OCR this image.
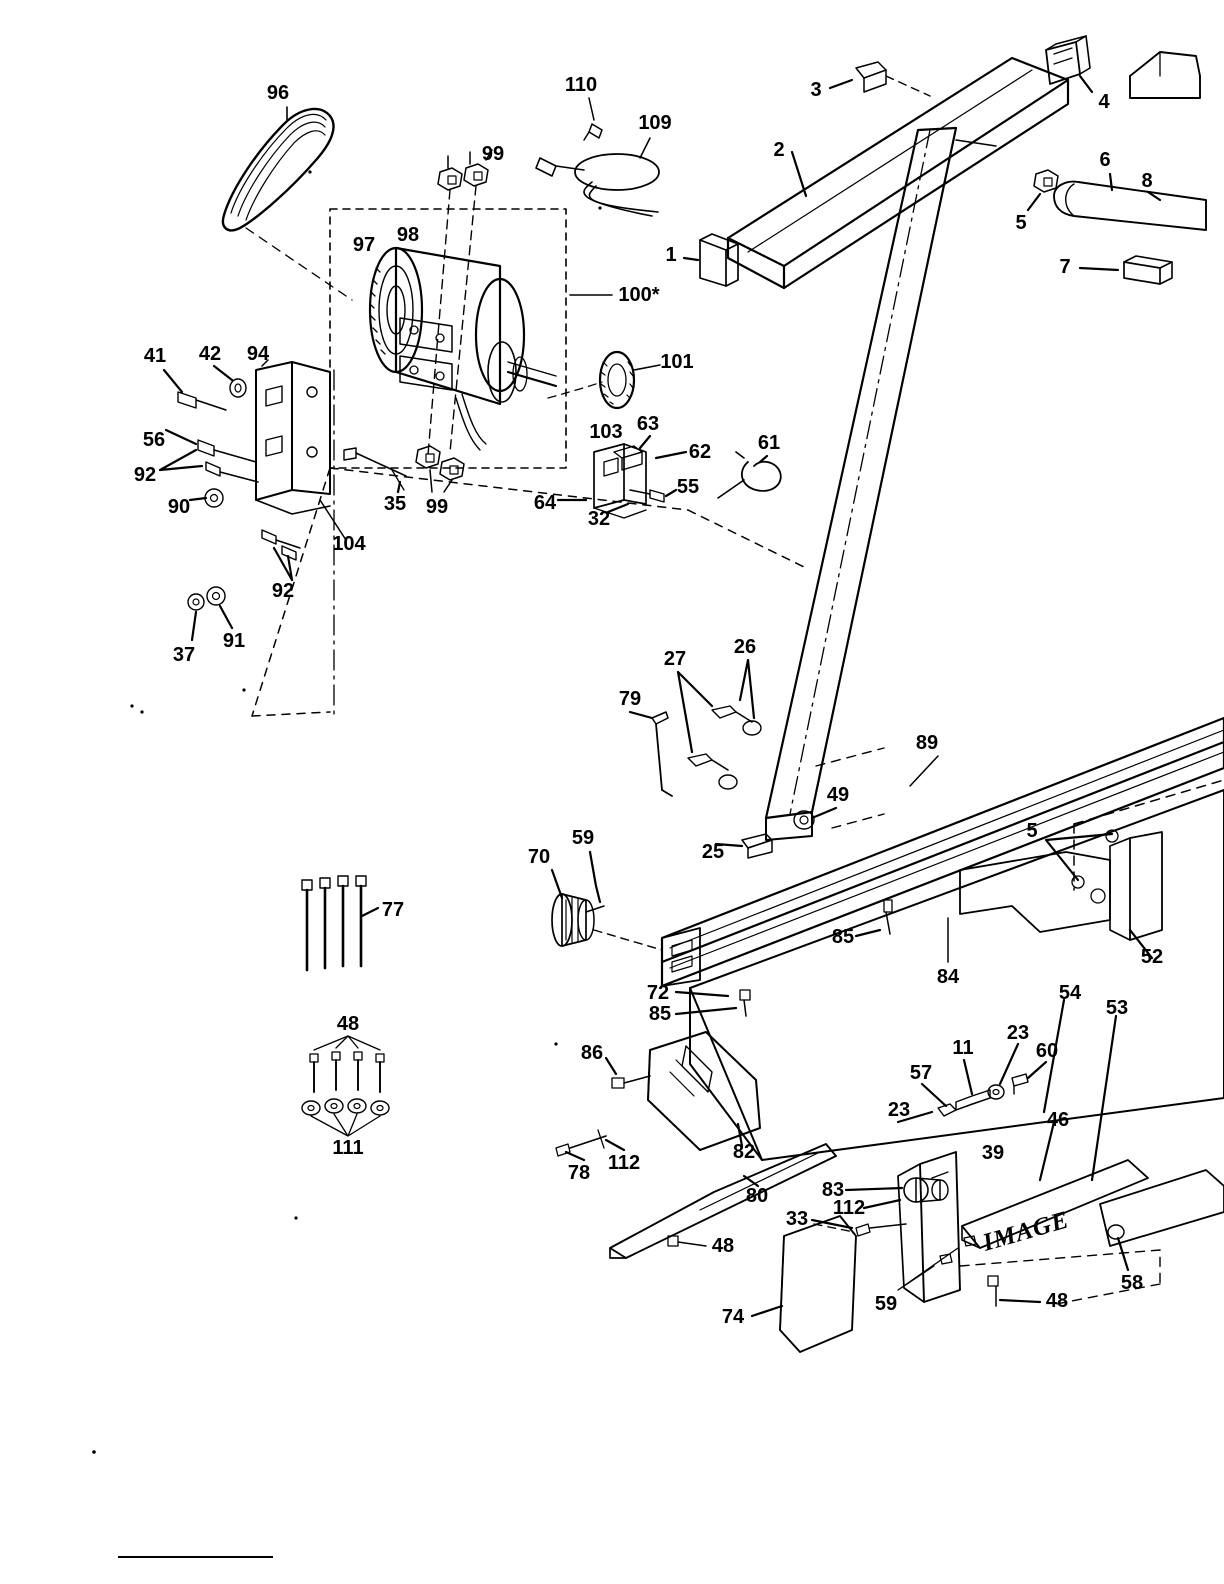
IMAGE
96	110
109
3
4
2
99	6
8
5
1
7
97 98
100*
41 42 94	101
56	103 63
62 61
92
55
64
32
90	99
35
104
92
37
91
27
26
79
89
49
25
5
59
70
77
85
84
52
54
53
72
85
48
11
23
60
86
57
23	46
111	82	39
83
112
78 112
80
33
58
48
74
59	48
